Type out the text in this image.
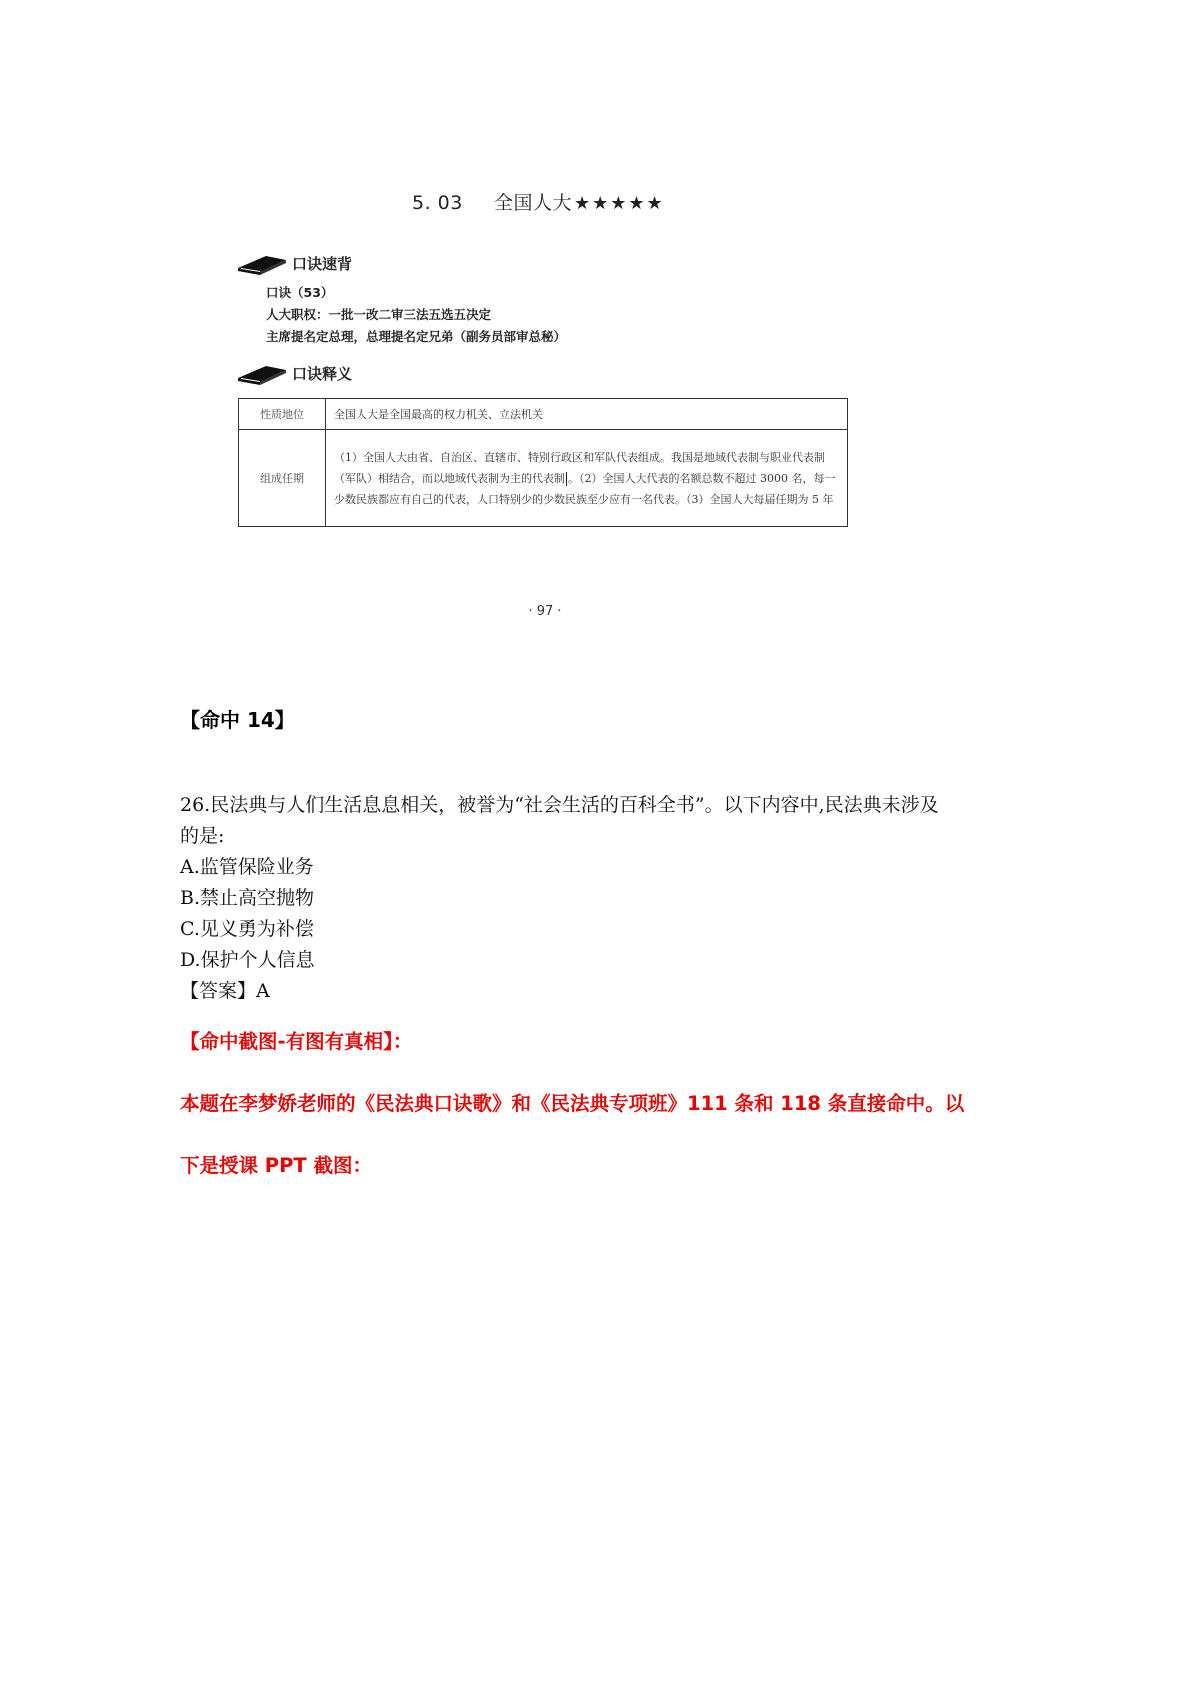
5. 03 全国人大 ★★★★★
口诀速背
口诀（53）
人大职权：一批一改二审三法五选五决定
主席提名定总理，总理提名定兄弟（副务员部审总秘）
口诀释义
性质地位	全国人大是全国最高的权力机关、立法机关
组成任期	（1）全国人大由省、自治区、直辖市、特别行政区和军队代表组成。我国是地域代表制与职业代表制（军队）相结合，而以地域代表制为主的代表制 。（2）全国人大代表的名额总数不超过 3000 名，每一少数民族都应有自己的代表，人口特别少的少数民族至少应有一名代表。（3）全国人大每届任期为 5 年
· 97 ·
【命中 14】
26.民法典与人们生活息息相关，被誉为“社会生活的百科全书”。以下内容中,民法典未涉及
的是:
A.监管保险业务
B.禁止高空抛物
C.见义勇为补偿
D.保护个人信息
【答案】A
【命中截图-有图有真相】：
本题在李梦娇老师的《民法典口诀歌》和《民法典专项班》111 条和 118 条直接命中。以
下是授课 PPT 截图：
